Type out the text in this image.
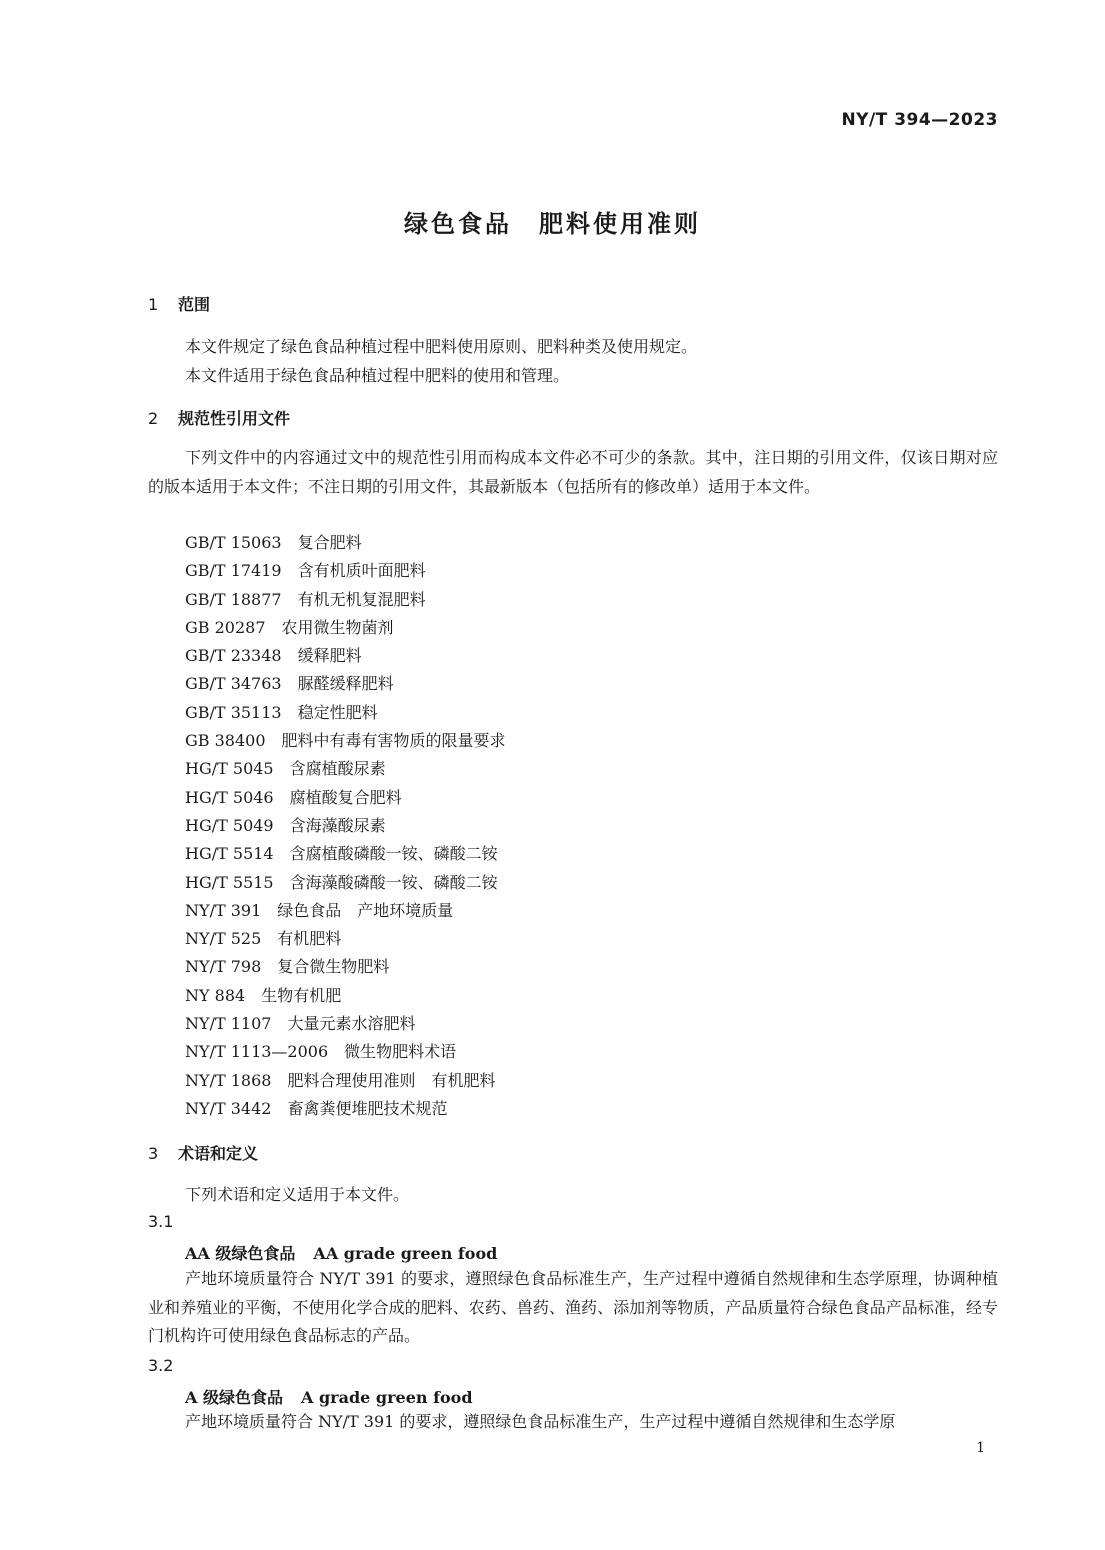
NY/T 394—2023
绿色食品　肥料使用准则
1 范围
本文件规定了绿色食品种植过程中肥料使用原则、肥料种类及使用规定。
本文件适用于绿色食品种植过程中肥料的使用和管理。
2 规范性引用文件
下列文件中的内容通过文中的规范性引用而构成本文件必不可少的条款。其中，注日期的引用文件，仅该日期对应的版本适用于本文件；不注日期的引用文件，其最新版本（包括所有的修改单）适用于本文件。
GB/T 15063 复合肥料
GB/T 17419 含有机质叶面肥料
GB/T 18877 有机无机复混肥料
GB 20287 农用微生物菌剂
GB/T 23348 缓释肥料
GB/T 34763 脲醛缓释肥料
GB/T 35113 稳定性肥料
GB 38400 肥料中有毒有害物质的限量要求
HG/T 5045 含腐植酸尿素
HG/T 5046 腐植酸复合肥料
HG/T 5049 含海藻酸尿素
HG/T 5514 含腐植酸磷酸一铵、磷酸二铵
HG/T 5515 含海藻酸磷酸一铵、磷酸二铵
NY/T 391 绿色食品　产地环境质量
NY/T 525 有机肥料
NY/T 798 复合微生物肥料
NY 884 生物有机肥
NY/T 1107 大量元素水溶肥料
NY/T 1113—2006 微生物肥料术语
NY/T 1868 肥料合理使用准则　有机肥料
NY/T 3442 畜禽粪便堆肥技术规范
3 术语和定义
下列术语和定义适用于本文件。
3.1
AA 级绿色食品 AA grade green food
产地环境质量符合 NY/T 391 的要求，遵照绿色食品标准生产，生产过程中遵循自然规律和生态学原理，协调种植业和养殖业的平衡，不使用化学合成的肥料、农药、兽药、渔药、添加剂等物质，产品质量符合绿色食品产品标准，经专门机构许可使用绿色食品标志的产品。
3.2
A 级绿色食品 A grade green food
产地环境质量符合 NY/T 391 的要求，遵照绿色食品标准生产，生产过程中遵循自然规律和生态学原
1
